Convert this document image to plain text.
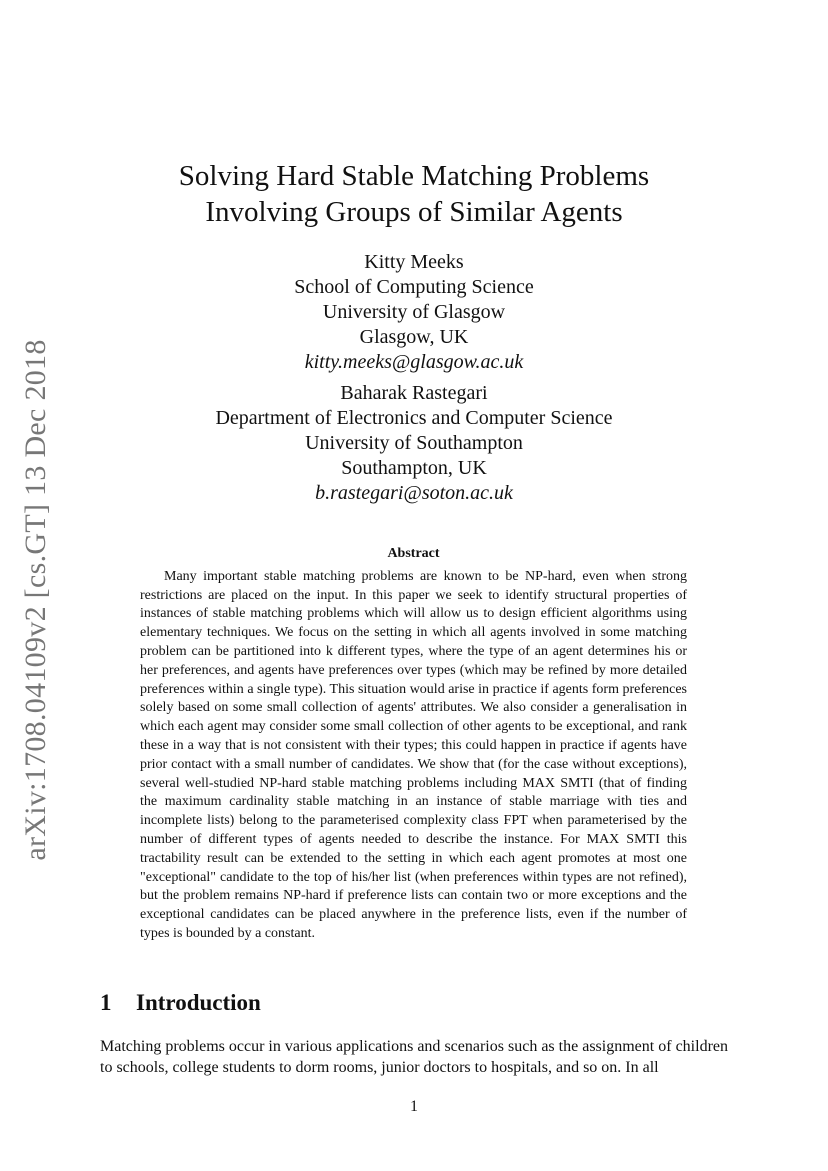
arXiv:1708.04109v2 [cs.GT] 13 Dec 2018
Solving Hard Stable Matching Problems
Involving Groups of Similar Agents
Kitty Meeks
School of Computing Science
University of Glasgow
Glasgow, UK
kitty.meeks@glasgow.ac.uk
Baharak Rastegari
Department of Electronics and Computer Science
University of Southampton
Southampton, UK
b.rastegari@soton.ac.uk
Abstract

Many important stable matching problems are known to be NP-hard, even when strong restrictions are placed on the input. In this paper we seek to identify structural properties of instances of stable matching problems which will allow us to design efficient algorithms using elementary techniques. We focus on the setting in which all agents involved in some matching problem can be partitioned into k different types, where the type of an agent determines his or her preferences, and agents have preferences over types (which may be refined by more detailed preferences within a single type). This situation would arise in practice if agents form preferences solely based on some small collection of agents' attributes. We also consider a generalisation in which each agent may consider some small collection of other agents to be exceptional, and rank these in a way that is not consistent with their types; this could happen in practice if agents have prior contact with a small number of candidates. We show that (for the case without exceptions), several well-studied NP-hard stable matching problems including MAX SMTI (that of finding the maximum cardinality stable matching in an instance of stable marriage with ties and incomplete lists) belong to the parameterised complexity class FPT when parameterised by the number of different types of agents needed to describe the instance. For MAX SMTI this tractability result can be extended to the setting in which each agent promotes at most one "exceptional" candidate to the top of his/her list (when preferences within types are not refined), but the problem remains NP-hard if preference lists can contain two or more exceptions and the exceptional candidates can be placed anywhere in the preference lists, even if the number of types is bounded by a constant.

1 Introduction

Matching problems occur in various applications and scenarios such as the assignment of children to schools, college students to dorm rooms, junior doctors to hospitals, and so on. In all

1
